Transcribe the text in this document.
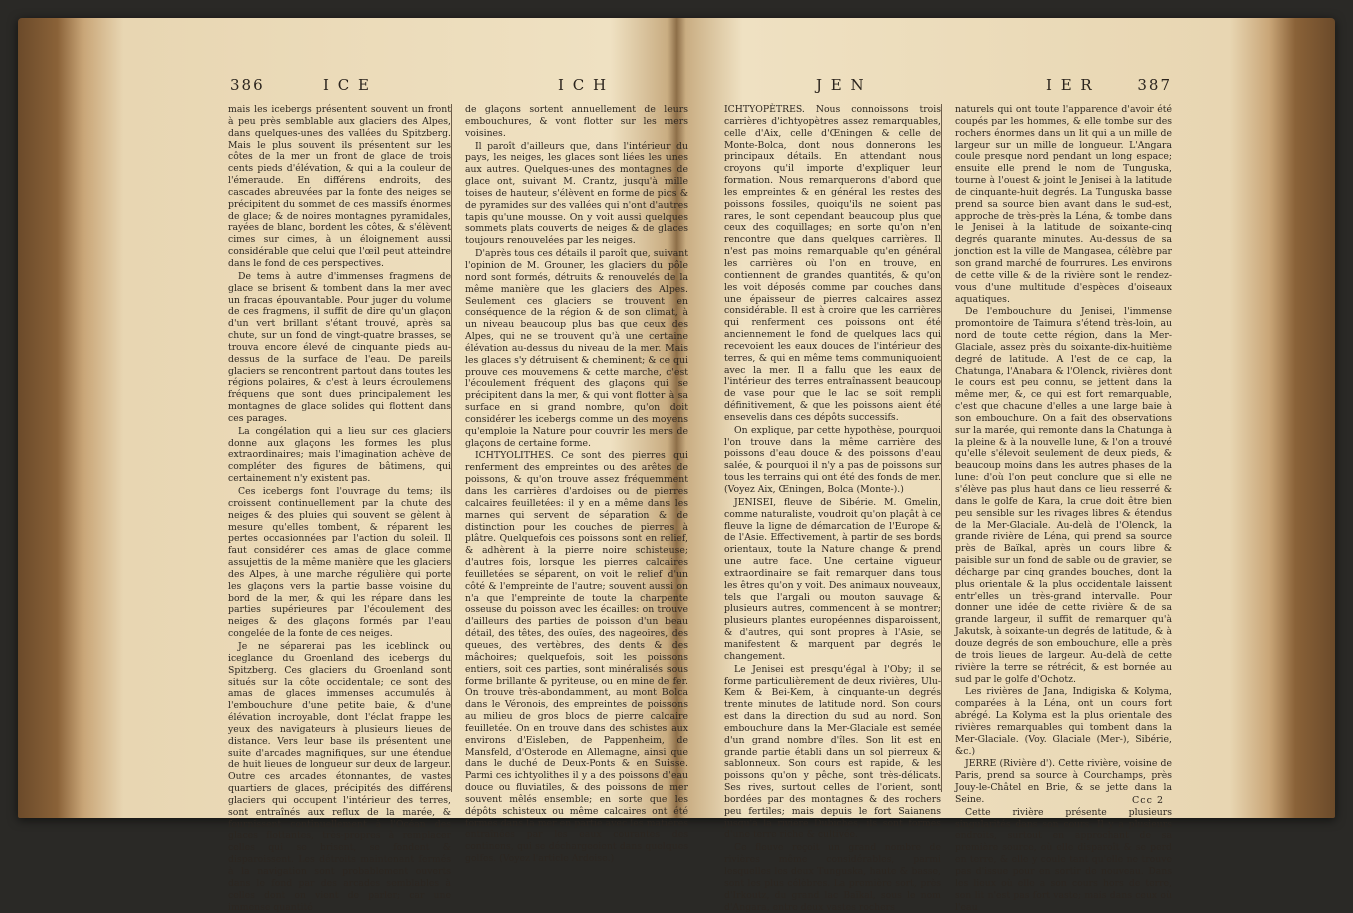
386	I C E	I C H

mais les icebergs présentent souvent un front à peu près semblable aux glaciers des Alpes, dans quelques-unes des vallées du Spitzberg. Mais le plus souvent ils présentent sur les côtes de la mer un front de glace de trois cents pieds d'élévation, & qui a la couleur de l'émeraude. En différens endroits, des cascades abreuvées par la fonte des neiges se précipitent du sommet de ces massifs énormes de glace; & de noires montagnes pyramidales, rayées de blanc, bordent les côtes, & s'élèvent cimes sur cimes, à un éloignement aussi considérable que celui que l'œil peut atteindre dans le fond de ces perspectives.

De tems à autre d'immenses fragmens de glace se brisent & tombent dans la mer avec un fracas épouvantable. Pour juger du volume de ces fragmens, il suffit de dire qu'un glaçon d'un vert brillant s'étant trouvé, après sa chute, sur un fond de vingt-quatre brasses, se trouva encore élevé de cinquante pieds au-dessus de la surface de l'eau. De pareils glaciers se rencontrent partout dans toutes les régions polaires, & c'est à leurs écroulemens fréquens que sont dues principalement les montagnes de glace solides qui flottent dans ces parages.

La congélation qui a lieu sur ces glaciers donne aux glaçons les formes les plus extraordinaires; mais l'imagination achève de compléter des figures de bâtimens, qui certainement n'y existent pas.

Ces icebergs font l'ouvrage du tems; ils croissent continuellement par la chute des neiges & des pluies qui souvent se gèlent à mesure qu'elles tombent, & réparent les pertes occasionnées par l'action du soleil. Il faut considérer ces amas de glace comme assujettis de la même manière que les glaciers des Alpes, à une marche régulière qui porte les glaçons vers la partie basse voisine du bord de la mer, & qui les répare dans les parties supérieures par l'écoulement des neiges & des glaçons formés par l'eau congelée de la fonte de ces neiges.

Je ne séparerai pas les iceblinck ou iceglance du Groenland des icebergs du Spitzberg. Ces glaciers du Groenland sont situés sur la côte occidentale; ce sont des amas de glaces immenses accumulés à l'embouchure d'une petite baie, & d'une élévation incroyable, dont l'éclat frappe les yeux des navigateurs à plusieurs lieues de distance. Vers leur base ils présentent une suite d'arcades magnifiques, sur une étendue de huit lieues de longueur sur deux de largeur. Outre ces arcades étonnantes, de vastes quartiers de glaces, précipités des différens glaciers qui occupent l'intérieur des terres, sont entraînés aux reflux de la marée, & fournissent continuellement à l'Océan des glaces flottantes, très-propres à remplacer celles qui se brisent, se fondent & disparoissent. Les détroits maintenant fermés à la navigation sont probablement ouverts dans le fond par des arcades semblables à celles dont on vient de parler; car une immense quantité

de glaçons sortent annuellement de leurs embouchures, & vont flotter sur les mers voisines.

Il paroît d'ailleurs que, dans l'intérieur du pays, les neiges, les glaces sont liées les unes aux autres. Quelques-unes des montagnes de glace ont, suivant M. Crantz, jusqu'à mille toises de hauteur, s'élèvent en forme de pics & de pyramides sur des vallées qui n'ont d'autres tapis qu'une mousse. On y voit aussi quelques sommets plats couverts de neiges & de glaces toujours renouvelées par les neiges.

D'après tous ces détails il paroît que, suivant l'opinion de M. Grouner, les glaciers du pôle nord sont formés, détruits & renouvelés de la même manière que les glaciers des Alpes. Seulement ces glaciers se trouvent en conséquence de la région & de son climat, à un niveau beaucoup plus bas que ceux des Alpes, qui ne se trouvent qu'à une certaine élévation au-dessus du niveau de la mer. Mais les glaces s'y détruisent & cheminent; & ce qui prouve ces mouvemens & cette marche, c'est l'écoulement fréquent des glaçons qui se précipitent dans la mer, & qui vont flotter à sa surface en si grand nombre, qu'on doit considérer les icebergs comme un des moyens qu'emploie la Nature pour couvrir les mers de glaçons de certaine forme.

ICHTYOLITHES. Ce sont des pierres qui renferment des empreintes ou des arêtes de poissons, & qu'on trouve assez fréquemment dans les carrières d'ardoises ou de pierres calcaires feuilletées: il y en a même dans les marnes qui servent de séparation & de distinction pour les couches de pierres à plâtre. Quelquefois ces poissons sont en relief, & adhèrent à la pierre noire schisteuse; d'autres fois, lorsque les pierres calcaires feuilletées se séparent, on voit le relief d'un côté & l'empreinte de l'autre; souvent aussi on n'a que l'empreinte de toute la charpente osseuse du poisson avec les écailles: on trouve d'ailleurs des parties de poisson d'un beau détail, des têtes, des ouïes, des nageoires, des queues, des vertèbres, des dents & des mâchoires; quelquefois, soit les poissons entiers, soit ces parties, sont minéralisés sous forme brillante & pyriteuse, ou en mine de fer. On trouve très-abondamment, au mont Bolca dans le Véronois, des empreintes de poissons au milieu de gros blocs de pierre calcaire feuilletée. On en trouve dans des schistes aux environs d'Eisleben, de Pappenheim, de Mansfeld, d'Osterode en Allemagne, ainsi que dans le duché de Deux-Ponts & en Suisse. Parmi ces ichtyolithes il y a des poissons d'eau douce ou fluviatiles, & des poissons de mer souvent mêlés ensemble; en sorte que les dépôts schisteux ou même calcaires ont été formés dans la mer en partie avec les matières entraînées par les eaux courantes des continens, qui se déchargeoient dans quelques golfes. (Voyez l'article Ardoise.)

J E N	I E R	387

ICHTYOPÈTRES. Nous connoissons trois carrières d'ichtyopètres assez remarquables, celle d'Aix, celle d'Œningen & celle de Monte-Bolca, dont nous donnerons les principaux détails. En attendant nous croyons qu'il importe d'expliquer leur formation. Nous remarquerons d'abord que les empreintes & en général les restes des poissons fossiles, quoiqu'ils ne soient pas rares, le sont cependant beaucoup plus que ceux des coquillages; en sorte qu'on n'en rencontre que dans quelques carrières. Il n'est pas moins remarquable qu'en général les carrières où l'on en trouve, en contiennent de grandes quantités, & qu'on les voit déposés comme par couches dans une épaisseur de pierres calcaires assez considérable. Il est à croire que les carrières qui renferment ces poissons ont été anciennement le fond de quelques lacs qui recevoient les eaux douces de l'intérieur des terres, & qui en même tems communiquoient avec la mer. Il a fallu que les eaux de l'intérieur des terres entraînassent beaucoup de vase pour que le lac se soit rempli définitivement, & que les poissons aient été ensevelis dans ces dépôts successifs.

On explique, par cette hypothèse, pourquoi l'on trouve dans la même carrière des poissons d'eau douce & des poissons d'eau salée, & pourquoi il n'y a pas de poissons sur tous les terrains qui ont été des fonds de mer. (Voyez Aix, Œningen, Bolca (Monte-).)

JENISEI, fleuve de Sibérie. M. Gmelin, comme naturaliste, voudroit qu'on plaçât à ce fleuve la ligne de démarcation de l'Europe & de l'Asie. Effectivement, à partir de ses bords orientaux, toute la Nature change & prend une autre face. Une certaine vigueur extraordinaire se fait remarquer dans tous les êtres qu'on y voit. Des animaux nouveaux, tels que l'argali ou mouton sauvage & plusieurs autres, commencent à se montrer; plusieurs plantes européennes disparoissent, & d'autres, qui sont propres à l'Asie, se manifestent & marquent par degrés le changement.

Le Jenisei est presqu'égal à l'Oby; il se forme particulièrement de deux rivières, Ulu-Kem & Bei-Kem, à cinquante-un degrés trente minutes de latitude nord. Son cours est dans la direction du sud au nord. Son embouchure dans la Mer-Glaciale est semée d'un grand nombre d'îles. Son lit est en grande partie établi dans un sol pierreux & sablonneux. Son cours est rapide, & les poissons qu'on y pêche, sont très-délicats. Ses rives, surtout celles de l'orient, sont bordées par des montagnes & des rochers peu fertiles; mais depuis le fort Saianens jusqu'à la rivière Dubiches, ils sont formés d'une terre riche & cultivée.

Ce fleuve reçoit un grand nombre de rivières même considérables, parmi lesquelles les deux Tunguska, haute & basse, sont les plus célèbres. La première sort, près d'Irkoutz, du grand lac Baïkal, sous le nom d'Angara, entre deux vastes rochers

naturels qui ont toute l'apparence d'avoir été coupés par les hommes, & elle tombe sur des rochers énormes dans un lit qui a un mille de largeur sur un mille de longueur. L'Angara coule presque nord pendant un long espace; ensuite elle prend le nom de Tunguska, tourne à l'ouest & joint le Jenisei à la latitude de cinquante-huit degrés. La Tunguska basse prend sa source bien avant dans le sud-est, approche de très-près la Léna, & tombe dans le Jenisei à la latitude de soixante-cinq degrés quarante minutes. Au-dessus de sa jonction est la ville de Mangasea, célèbre par son grand marché de fourrures. Les environs de cette ville & de la rivière sont le rendez-vous d'une multitude d'espèces d'oiseaux aquatiques.

De l'embouchure du Jenisei, l'immense promontoire de Taimura s'étend très-loin, au nord de toute cette région, dans la Mer-Glaciale, assez près du soixante-dix-huitième degré de latitude. A l'est de ce cap, la Chatunga, l'Anabara & l'Olenck, rivières dont le cours est peu connu, se jettent dans la même mer, &, ce qui est fort remarquable, c'est que chacune d'elles a une large baie à son embouchure. On a fait des observations sur la marée, qui remonte dans la Chatunga à la pleine & à la nouvelle lune, & l'on a trouvé qu'elle s'élevoit seulement de deux pieds, & beaucoup moins dans les autres phases de la lune: d'où l'on peut conclure que si elle ne s'élève pas plus haut dans ce lieu resserré & dans le golfe de Kara, la crue doit être bien peu sensible sur les rivages libres & étendus de la Mer-Glaciale. Au-delà de l'Olenck, la grande rivière de Léna, qui prend sa source près de Baïkal, après un cours libre & paisible sur un fond de sable ou de gravier, se décharge par cinq grandes bouches, dont la plus orientale & la plus occidentale laissent entr'elles un très-grand intervalle. Pour donner une idée de cette rivière & de sa grande largeur, il suffit de remarquer qu'à Jakutsk, à soixante-un degrés de latitude, & à douze degrés de son embouchure, elle a près de trois lieues de largeur. Au-delà de cette rivière la terre se rétrécit, & est bornée au sud par le golfe d'Ochotz.

Les rivières de Jana, Indigiska & Kolyma, comparées à la Léna, ont un cours fort abrégé. La Kolyma est la plus orientale des rivières remarquables qui tombent dans la Mer-Glaciale. (Voy. Glaciale (Mer-), Sibérie, &c.)

JERRE (Rivière d'). Cette rivière, voisine de Paris, prend sa source à Courchamps, près Jouy-le-Châtel en Brie, & se jette dans la Seine.

Cette rivière présente plusieurs singularités dans son cours. Il y a plusieurs endroits, surtout en approchant de sa première source, où elle disparoît & se perd en terre, & elle y coule tant qu'elle ne trouve pas d'issue pour en sortir de nouveau. Dans les lieux où elle a son cours hors de terre, son lit n'est pas fort vaste; mais dans ceux où l'eau

Ccc 2
